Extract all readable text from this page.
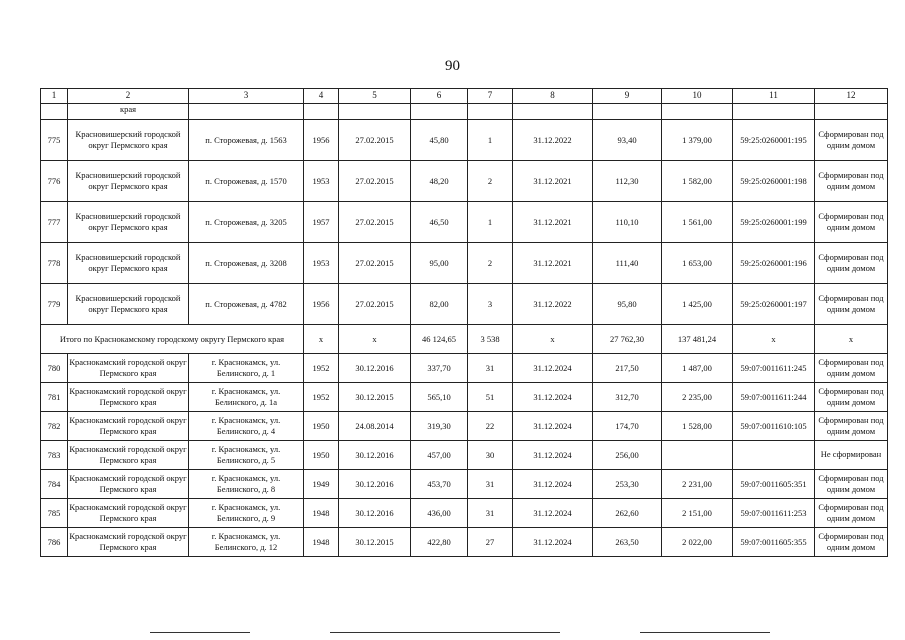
90
1	2	3	4	5	6	7	8	9	10	11	12
	края										
775	Красновишерский городской округ Пермского края	п. Сторожевая, д. 1563	1956	27.02.2015	45,80	1	31.12.2022	93,40	1 379,00	59:25:0260001:195	Сформирован под одним домом
776	Красновишерский городской округ Пермского края	п. Сторожевая, д. 1570	1953	27.02.2015	48,20	2	31.12.2021	112,30	1 582,00	59:25:0260001:198	Сформирован под одним домом
777	Красновишерский городской округ Пермского края	п. Сторожевая, д. 3205	1957	27.02.2015	46,50	1	31.12.2021	110,10	1 561,00	59:25:0260001:199	Сформирован под одним домом
778	Красновишерский городской округ Пермского края	п. Сторожевая, д. 3208	1953	27.02.2015	95,00	2	31.12.2021	111,40	1 653,00	59:25:0260001:196	Сформирован под одним домом
779	Красновишерский городской округ Пермского края	п. Сторожевая, д. 4782	1956	27.02.2015	82,00	3	31.12.2022	95,80	1 425,00	59:25:0260001:197	Сформирован под одним домом
Итого по Краснокамскому городскому округу Пермского края			х	х	46 124,65	3 538	х	27 762,30	137 481,24	х	х
780	Краснокамский городской округ Пермского края	г. Краснокамск, ул. Белинского, д. 1	1952	30.12.2016	337,70	31	31.12.2024	217,50	1 487,00	59:07:0011611:245	Сформирован под одним домом
781	Краснокамский городской округ Пермского края	г. Краснокамск, ул. Белинского, д. 1а	1952	30.12.2015	565,10	51	31.12.2024	312,70	2 235,00	59:07:0011611:244	Сформирован под одним домом
782	Краснокамский городской округ Пермского края	г. Краснокамск, ул. Белинского, д. 4	1950	24.08.2014	319,30	22	31.12.2024	174,70	1 528,00	59:07:0011610:105	Сформирован под одним домом
783	Краснокамский городской округ Пермского края	г. Краснокамск, ул. Белинского, д. 5	1950	30.12.2016	457,00	30	31.12.2024	256,00			Не сформирован
784	Краснокамский городской округ Пермского края	г. Краснокамск, ул. Белинского, д. 8	1949	30.12.2016	453,70	31	31.12.2024	253,30	2 231,00	59:07:0011605:351	Сформирован под одним домом
785	Краснокамский городской округ Пермского края	г. Краснокамск, ул. Белинского, д. 9	1948	30.12.2016	436,00	31	31.12.2024	262,60	2 151,00	59:07:0011611:253	Сформирован под одним домом
786	Краснокамский городской округ Пермского края	г. Краснокамск, ул. Белинского, д. 12	1948	30.12.2015	422,80	27	31.12.2024	263,50	2 022,00	59:07:0011605:355	Сформирован под одним домом
